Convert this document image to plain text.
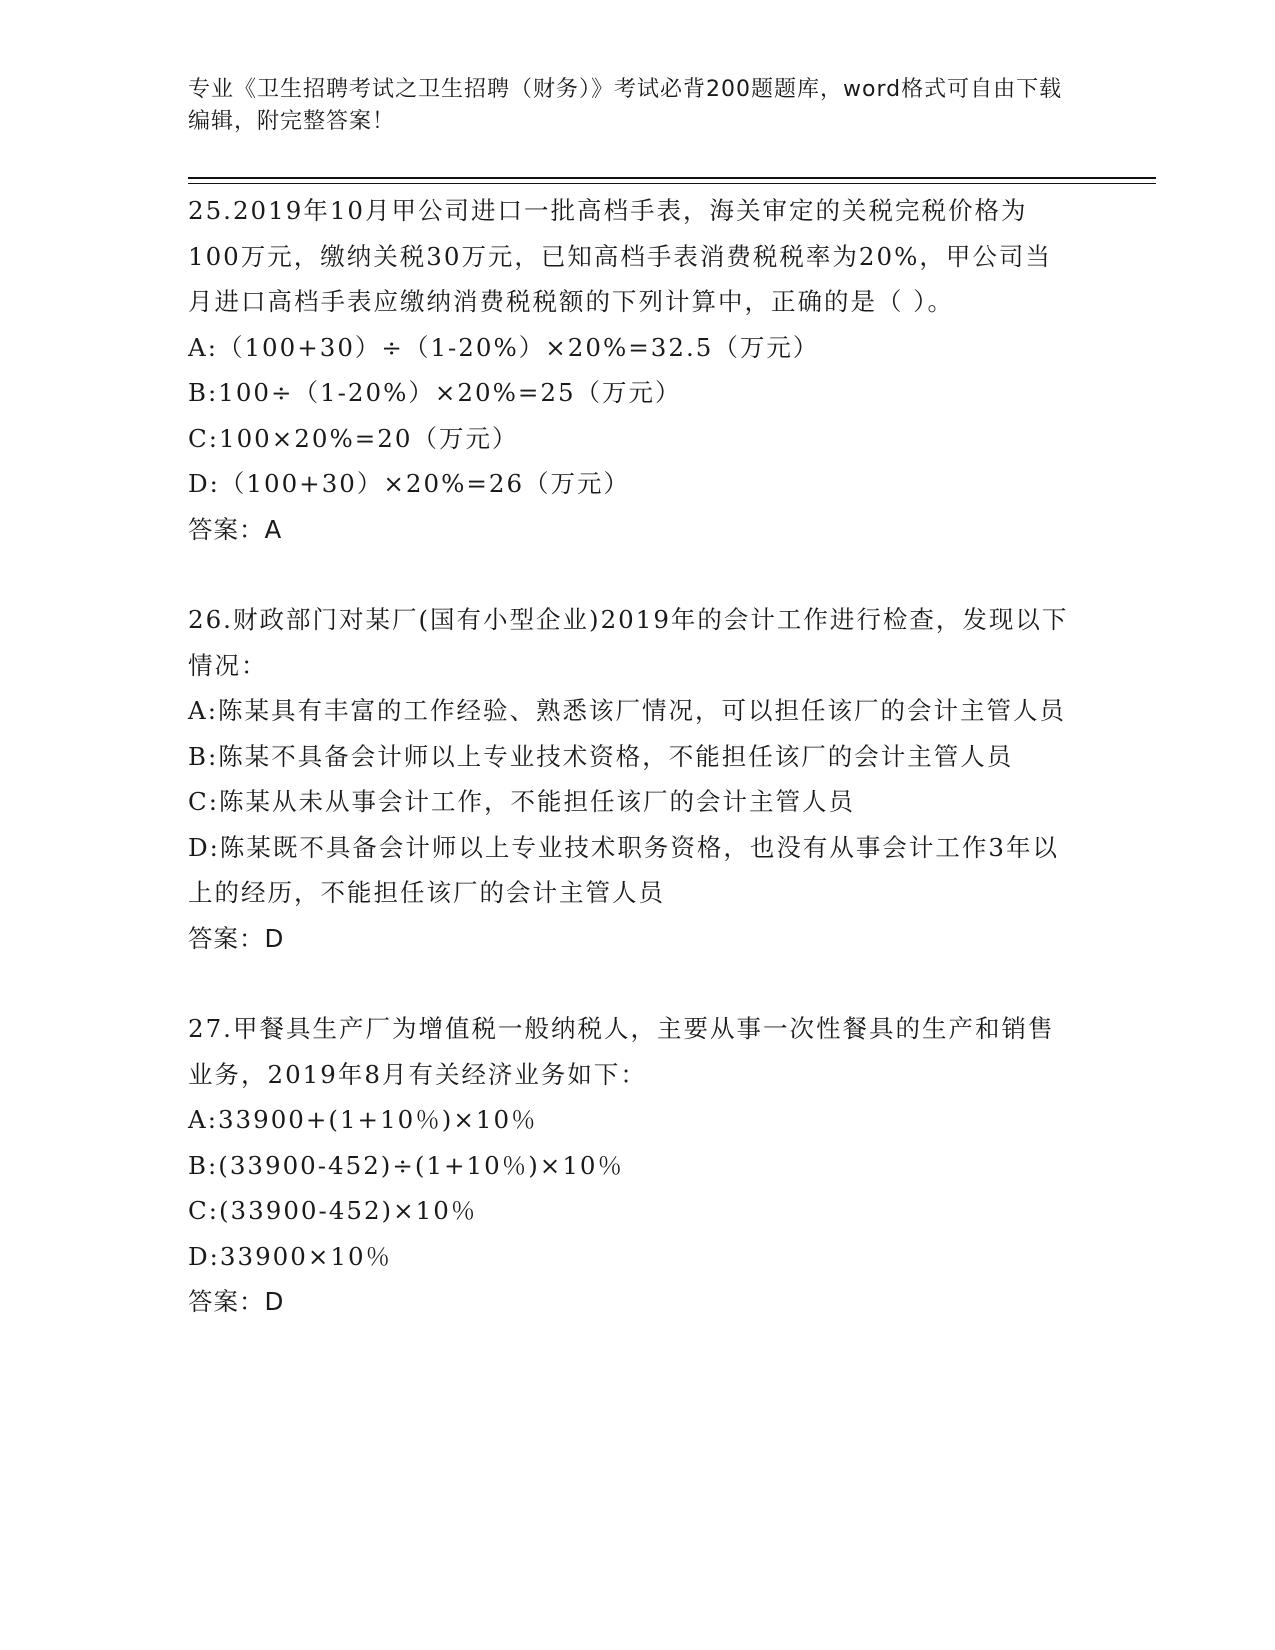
专业《卫生招聘考试之卫生招聘（财务）》考试必背200题题库，word格式可自由下载编辑，附完整答案！
25.2019年10月甲公司进口一批高档手表，海关审定的关税完税价格为100万元，缴纳关税30万元，已知高档手表消费税税率为20%，甲公司当月进口高档手表应缴纳消费税税额的下列计算中，正确的是（ ）。
A:（100+30）÷（1-20%）×20%=32.5（万元）
B:100÷（1-20%）×20%=25（万元）
C:100×20%=20（万元）
D:（100+30）×20%=26（万元）
答案：A
26.财政部门对某厂(国有小型企业)2019年的会计工作进行检查，发现以下情况：
A:陈某具有丰富的工作经验、熟悉该厂情况，可以担任该厂的会计主管人员
B:陈某不具备会计师以上专业技术资格，不能担任该厂的会计主管人员
C:陈某从未从事会计工作，不能担任该厂的会计主管人员
D:陈某既不具备会计师以上专业技术职务资格，也没有从事会计工作3年以上的经历，不能担任该厂的会计主管人员
答案：D
27.甲餐具生产厂为增值税一般纳税人，主要从事一次性餐具的生产和销售业务，2019年8月有关经济业务如下：
A:33900+(1+10％)×10％
B:(33900-452)÷(1+10％)×10％
C:(33900-452)×10％
D:33900×10％
答案：D
